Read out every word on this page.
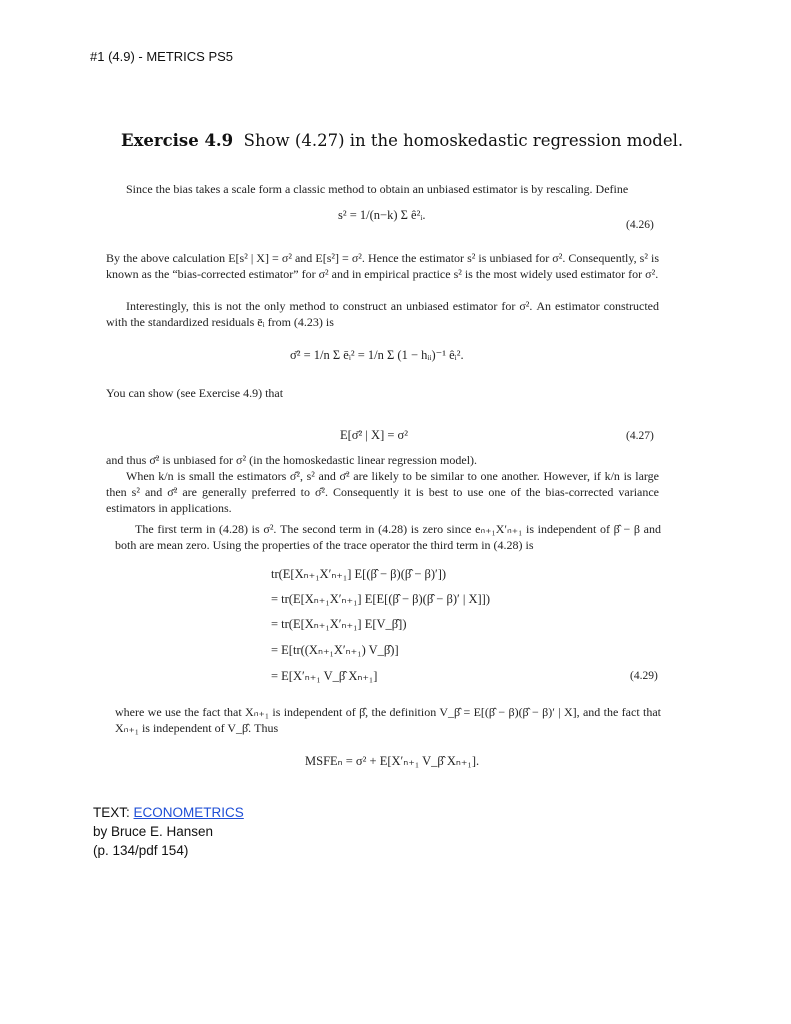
#1 (4.9) - METRICS PS5
Exercise 4.9 Show (4.27) in the homoskedastic regression model.
Since the bias takes a scale form a classic method to obtain an unbiased estimator is by rescaling. Define
s² = 1/(n−k) Σ ê²ᵢ.
(4.26)
By the above calculation E[s² | X] = σ² and E[s²] = σ². Hence the estimator s² is unbiased for σ². Consequently, s² is known as the “bias-corrected estimator” for σ² and in empirical practice s² is the most widely used estimator for σ².
Interestingly, this is not the only method to construct an unbiased estimator for σ². An estimator constructed with the standardized residuals ēᵢ from (4.23) is
σ̄² = 1/n Σ ēᵢ² = 1/n Σ (1 − hᵢᵢ)⁻¹ êᵢ².
You can show (see Exercise 4.9) that
E[σ̄² | X] = σ²	(4.27)
and thus σ̄² is unbiased for σ² (in the homoskedastic linear regression model).
When k/n is small the estimators σ̂², s² and σ̄² are likely to be similar to one another. However, if k/n is large then s² and σ̄² are generally preferred to σ̂². Consequently it is best to use one of the bias-corrected variance estimators in applications.
The first term in (4.28) is σ². The second term in (4.28) is zero since eₙ₊₁X′ₙ₊₁ is independent of β̂ − β and both are mean zero. Using the properties of the trace operator the third term in (4.28) is
tr(E[Xₙ₊₁X′ₙ₊₁] E[(β̂ − β)(β̂ − β)′])
= tr(E[Xₙ₊₁X′ₙ₊₁] E[E[(β̂ − β)(β̂ − β)′ | X]])
= tr(E[Xₙ₊₁X′ₙ₊₁] E[V_β̂])
= E[tr((Xₙ₊₁X′ₙ₊₁) V_β̂)]
= E[X′ₙ₊₁ V_β̂ Xₙ₊₁]	(4.29)
where we use the fact that Xₙ₊₁ is independent of β̂, the definition V_β̂ = E[(β̂ − β)(β̂ − β)′ | X], and the fact that Xₙ₊₁ is independent of V_β̂. Thus
MSFEₙ = σ² + E[X′ₙ₊₁ V_β̂ Xₙ₊₁].
TEXT: ECONOMETRICS
by Bruce E. Hansen
(p. 134/pdf 154)
